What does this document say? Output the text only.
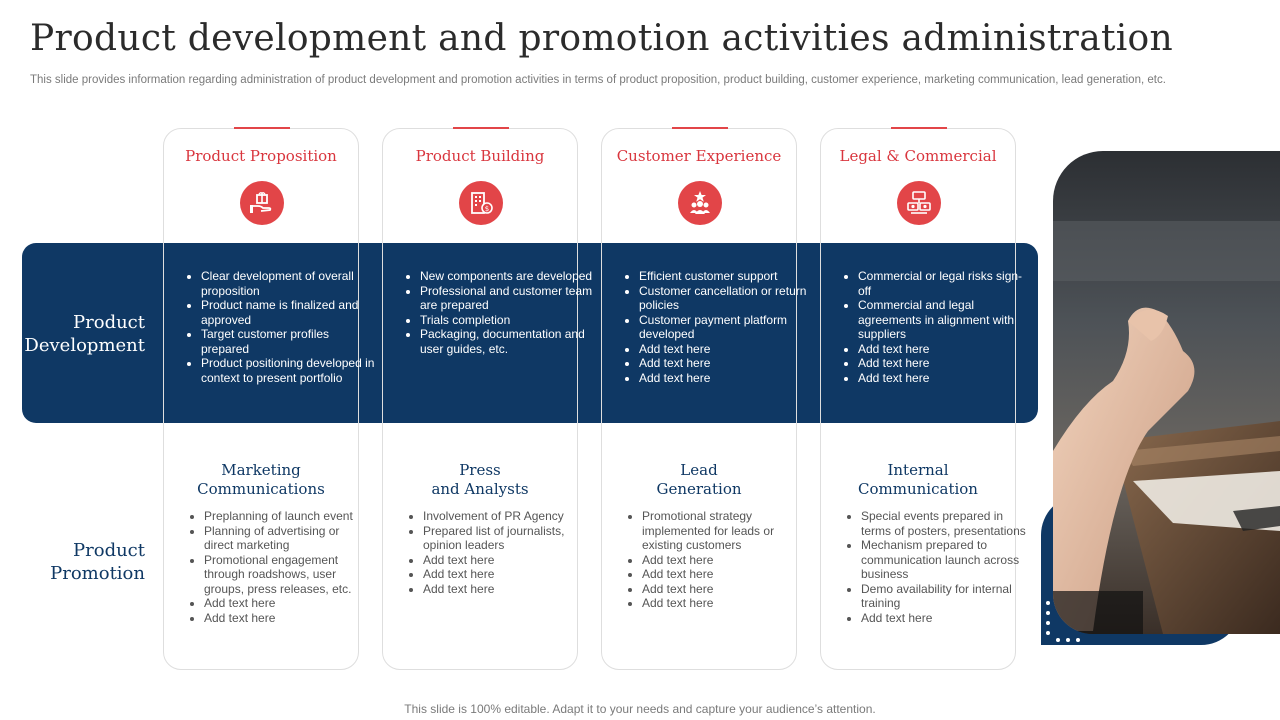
Product development and promotion activities administration
This slide provides information regarding administration of product development and promotion activities in terms of product proposition, product building, customer experience, marketing communication, lead generation, etc.
Product
Development
Product
Promotion
Product Proposition
• Clear development of overall proposition
• Product name is finalized and approved
• Target customer profiles prepared
• Product positioning developed in context to present portfolio
Marketing
Communications
• Preplanning of launch event
• Planning of advertising or direct marketing
• Promotional engagement through roadshows, user groups, press releases, etc.
• Add text here
• Add text here
Product Building
$
• New components are developed
• Professional and customer team are prepared
• Trials completion
• Packaging, documentation and user guides, etc.
Press
and Analysts
• Involvement of PR Agency
• Prepared list of journalists, opinion leaders
• Add text here
• Add text here
• Add text here
Customer Experience
• Efficient customer support
• Customer cancellation or return policies
• Customer payment platform developed
• Add text here
• Add text here
• Add text here
Lead
Generation
• Promotional strategy implemented for leads or existing customers
• Add text here
• Add text here
• Add text here
• Add text here
Legal & Commercial
• Commercial or legal risks sign-off
• Commercial and legal agreements in alignment with suppliers
• Add text here
• Add text here
• Add text here
Internal
Communication
• Special events prepared in terms of posters, presentations
• Mechanism prepared to communication launch across business
• Demo availability for internal training
• Add text here
This slide is 100% editable. Adapt it to your needs and capture your audience’s attention.
